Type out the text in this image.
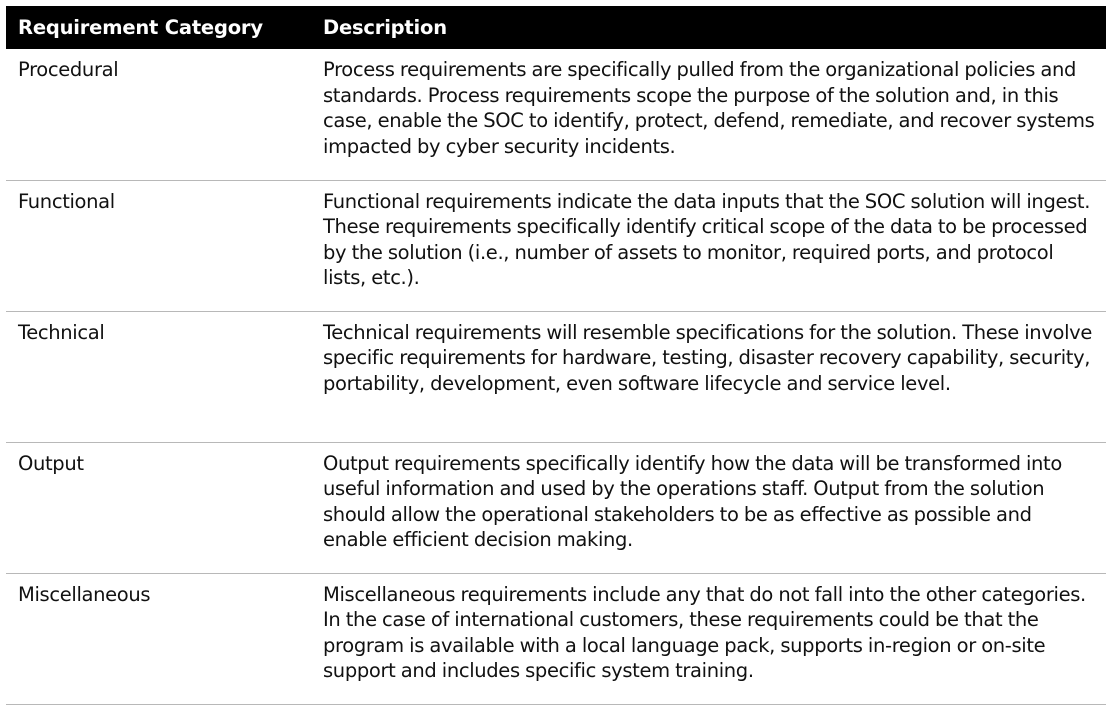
Requirement Category	Description
Procedural	Process requirements are specifically pulled from the organizational policies and standards. Process requirements scope the purpose of the solution and, in this case, enable the SOC to identify, protect, defend, remediate, and recover systems impacted by cyber security incidents.
Functional	Functional requirements indicate the data inputs that the SOC solution will ingest. These requirements specifically identify critical scope of the data to be processed by the solution (i.e., number of assets to monitor, required ports, and protocol lists, etc.).
Technical	Technical requirements will resemble specifications for the solution. These involve specific requirements for hardware, testing, disaster recovery capability, security, portability, development, even software lifecycle and service level.
Output	Output requirements specifically identify how the data will be transformed into useful information and used by the operations staff. Output from the solution should allow the operational stakeholders to be as effective as possible and enable efficient decision making.
Miscellaneous	Miscellaneous requirements include any that do not fall into the other categories. In the case of international customers, these requirements could be that the program is available with a local language pack, supports in-region or on-site support and includes specific system training.
